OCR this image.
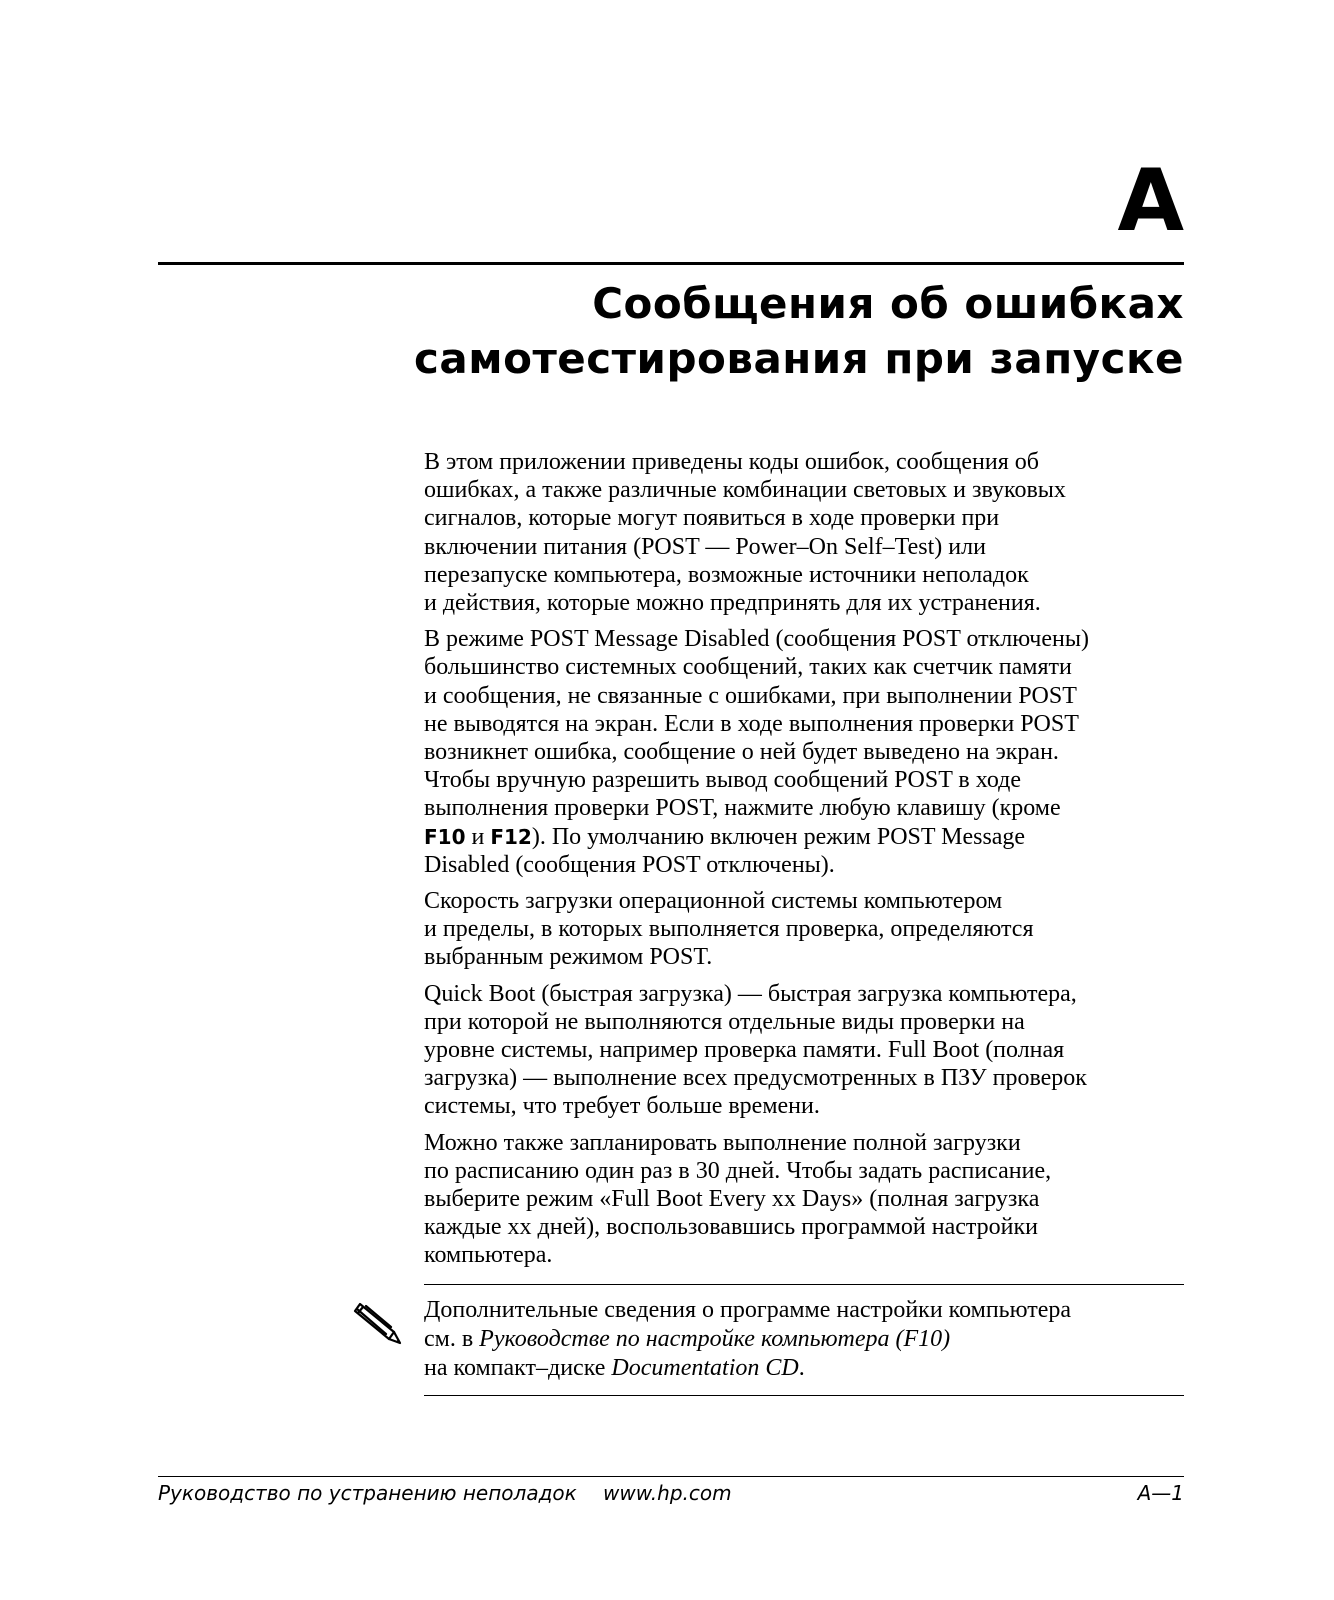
A
Сообщения об ошибках
самотестирования при запуске

В этом приложении приведены коды ошибок, сообщения об
ошибках, а также различные комбинации световых и звуковых
сигналов, которые могут появиться в ходе проверки при
включении питания (POST — Power–On Self–Test) или
перезапуске компьютера, возможные источники неполадок
и действия, которые можно предпринять для их устранения.

В режиме POST Message Disabled (сообщения POST отключены)
большинство системных сообщений, таких как счетчик памяти
и сообщения, не связанные с ошибками, при выполнении POST
не выводятся на экран. Если в ходе выполнения проверки POST
возникнет ошибка, сообщение о ней будет выведено на экран.
Чтобы вручную разрешить вывод сообщений POST в ходе
выполнения проверки POST, нажмите любую клавишу (кроме
F10 и F12). По умолчанию включен режим POST Message
Disabled (сообщения POST отключены).

Скорость загрузки операционной системы компьютером
и пределы, в которых выполняется проверка, определяются
выбранным режимом POST.

Quick Boot (быстрая загрузка) — быстрая загрузка компьютера,
при которой не выполняются отдельные виды проверки на
уровне системы, например проверка памяти. Full Boot (полная
загрузка) — выполнение всех предусмотренных в ПЗУ проверок
системы, что требует больше времени.

Можно также запланировать выполнение полной загрузки
по расписанию один раз в 30 дней. Чтобы задать расписание,
выберите режим «Full Boot Every xx Days» (полная загрузка
каждые xx дней), воспользовавшись программой настройки
компьютера.

Дополнительные сведения о программе настройки компьютера
см. в Руководстве по настройке компьютера (F10)
на компакт–диске Documentation CD.
Руководство по устранению неполадок www.hp.com	A—1
